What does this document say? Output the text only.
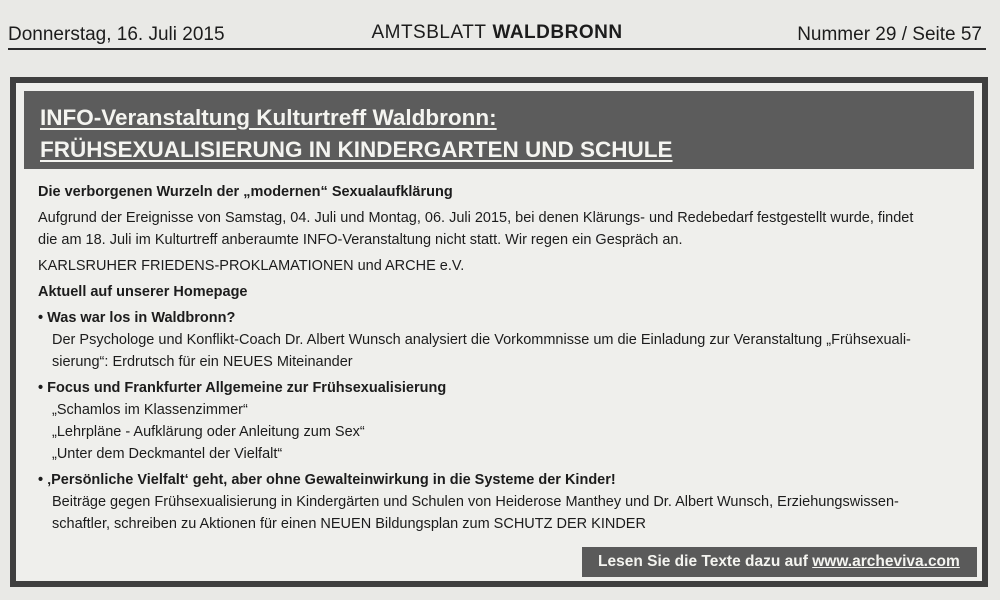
Donnerstag, 16. Juli 2015	AMTSBLATT WALDBRONN	Nummer 29 / Seite 57
INFO-Veranstaltung Kulturtreff Waldbronn:
FRÜHSEXUALISIERUNG IN KINDERGARTEN UND SCHULE

Die verborgenen Wurzeln der „modernen“ Sexualaufklärung

Aufgrund der Ereignisse von Samstag, 04. Juli und Montag, 06. Juli 2015, bei denen Klärungs- und Redebedarf festgestellt wurde, findet

die am 18. Juli im Kulturtreff anberaumte INFO-Veranstaltung nicht statt. Wir regen ein Gespräch an.

KARLSRUHER FRIEDENS-PROKLAMATIONEN und ARCHE e.V.

Aktuell auf unserer Homepage

• Was war los in Waldbronn?

Der Psychologe und Konflikt-Coach Dr. Albert Wunsch analysiert die Vorkommnisse um die Einladung zur Veranstaltung „Frühsexuali-

sierung“: Erdrutsch für ein NEUES Miteinander

• Focus und Frankfurter Allgemeine zur Frühsexualisierung

„Schamlos im Klassenzimmer“

„Lehrpläne - Aufklärung oder Anleitung zum Sex“

„Unter dem Deckmantel der Vielfalt“

• ‚Persönliche Vielfalt‘ geht, aber ohne Gewalteinwirkung in die Systeme der Kinder!

Beiträge gegen Frühsexualisierung in Kindergärten und Schulen von Heiderose Manthey und Dr. Albert Wunsch, Erziehungswissen-

schaftler, schreiben zu Aktionen für einen NEUEN Bildungsplan zum SCHUTZ DER KINDER

Lesen Sie die Texte dazu auf www.archeviva.com
